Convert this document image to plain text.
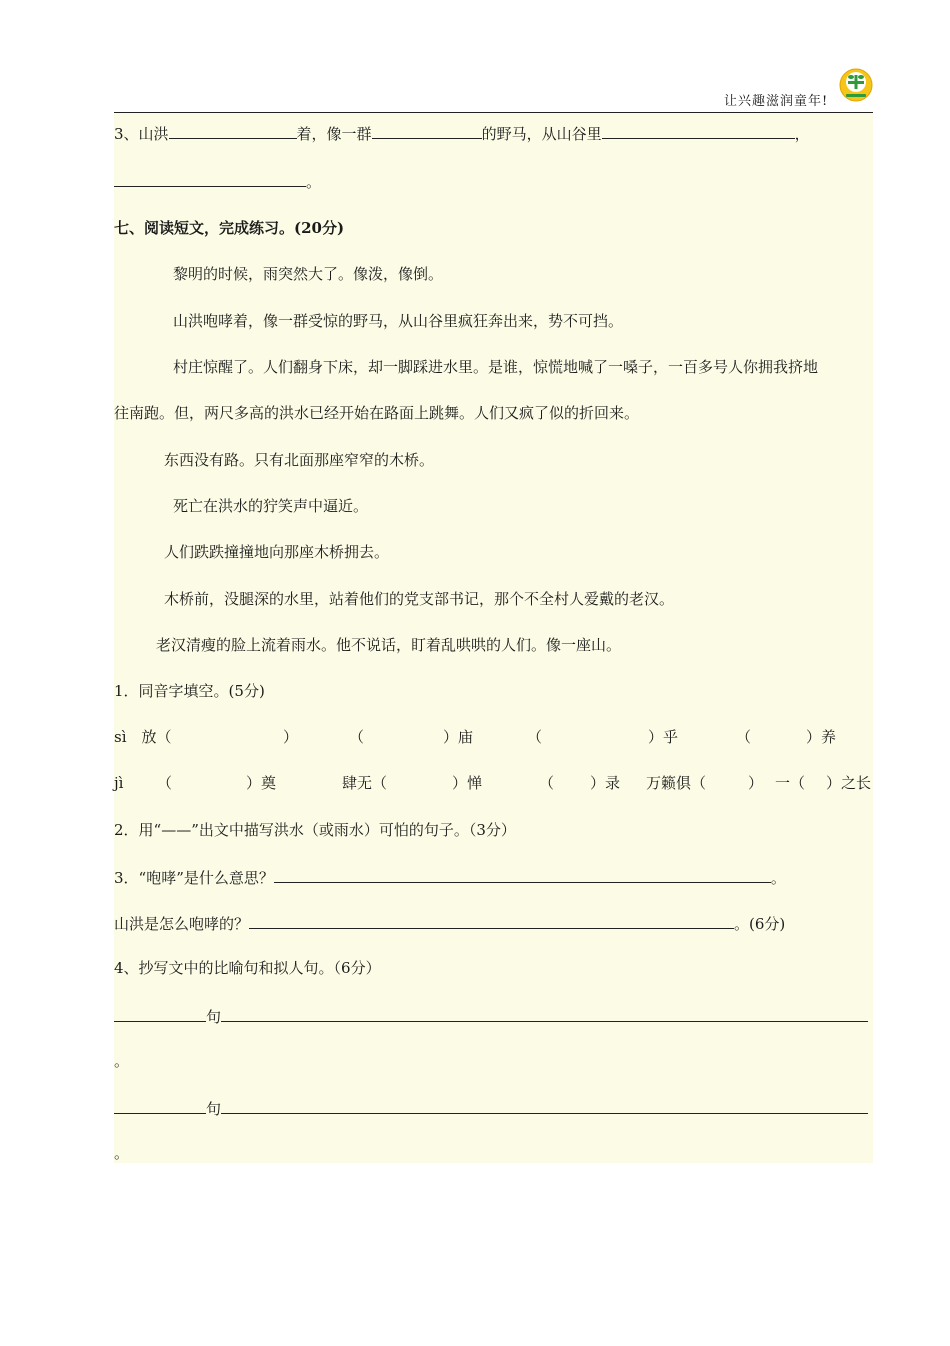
让兴趣滋润童年!
3、山洪	着，像一群	的野马，从山谷里	，
。
七、阅读短文，完成练习。(20分)
黎明的时候，雨突然大了。像泼，像倒。
山洪咆哮着，像一群受惊的野马，从山谷里疯狂奔出来，势不可挡。
村庄惊醒了。人们翻身下床，却一脚踩进水里。是谁，惊慌地喊了一嗓子，一百多号人你拥我挤地
往南跑。但，两尺多高的洪水已经开始在路面上跳舞。人们又疯了似的折回来。
东西没有路。只有北面那座窄窄的木桥。
死亡在洪水的狞笑声中逼近。
人们跌跌撞撞地向那座木桥拥去。
木桥前，没腿深的水里，站着他们的党支部书记，那个不全村人爱戴的老汉。
老汉清瘦的脸上流着雨水。他不说话，盯着乱哄哄的人们。像一座山。
1．同音字填空。(5分)
sì　放（	）	（	）庙	（	）乎	（	）养
jì （	）奠	肆无（	）惮	（ ）录 万籁俱（	） 一（ ）之长
2．用“——”出文中描写洪水（或雨水）可怕的句子。（3分）
3．“咆哮”是什么意思？	。
山洪是怎么咆哮的？	。(6分)
4、抄写文中的比喻句和拟人句。（6分）
句
。
句
。
